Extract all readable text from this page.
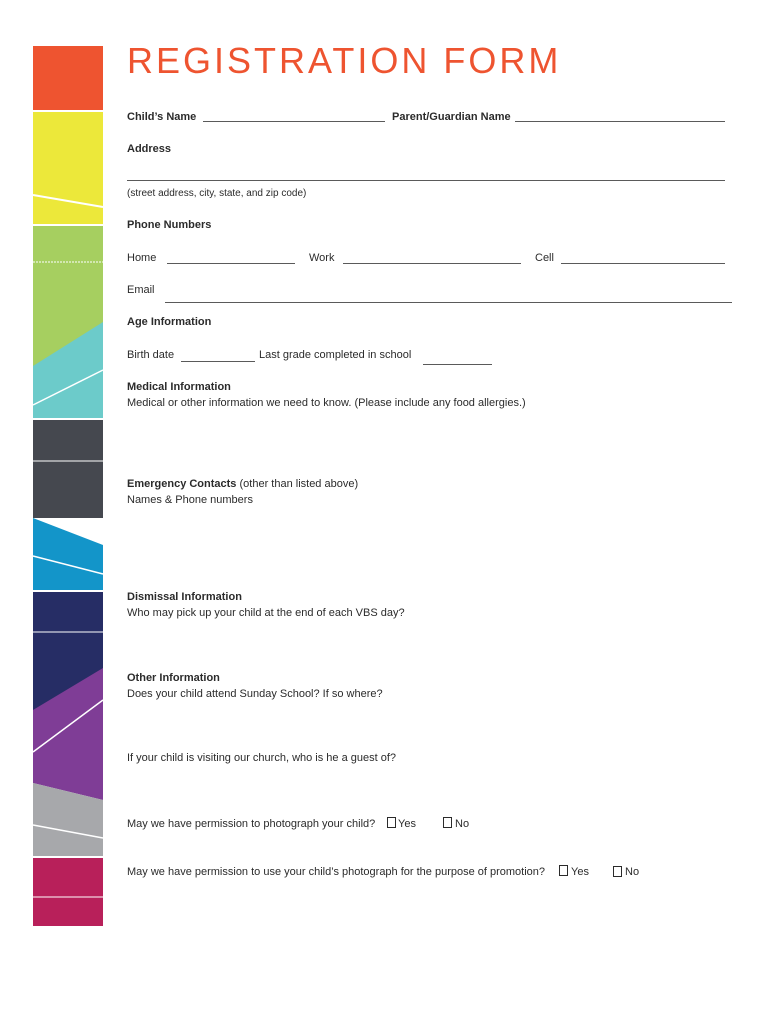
REGISTRATION FORM
Child’s Name	Parent/Guardian Name
Address
(street address, city, state, and zip code)
Phone Numbers
Home	Work	Cell
Email
Age Information
Birth date	Last grade completed in school
Medical Information
Medical or other information we need to know. (Please include any food allergies.)
Emergency Contacts (other than listed above)
Names & Phone numbers
Dismissal Information
Who may pick up your child at the end of each VBS day?
Other Information
Does your child attend Sunday School? If so where?
If your child is visiting our church, who is he a guest of?
May we have permission to photograph your child? Yes	No
May we have permission to use your child’s photograph for the purpose of promotion? Yes	No
